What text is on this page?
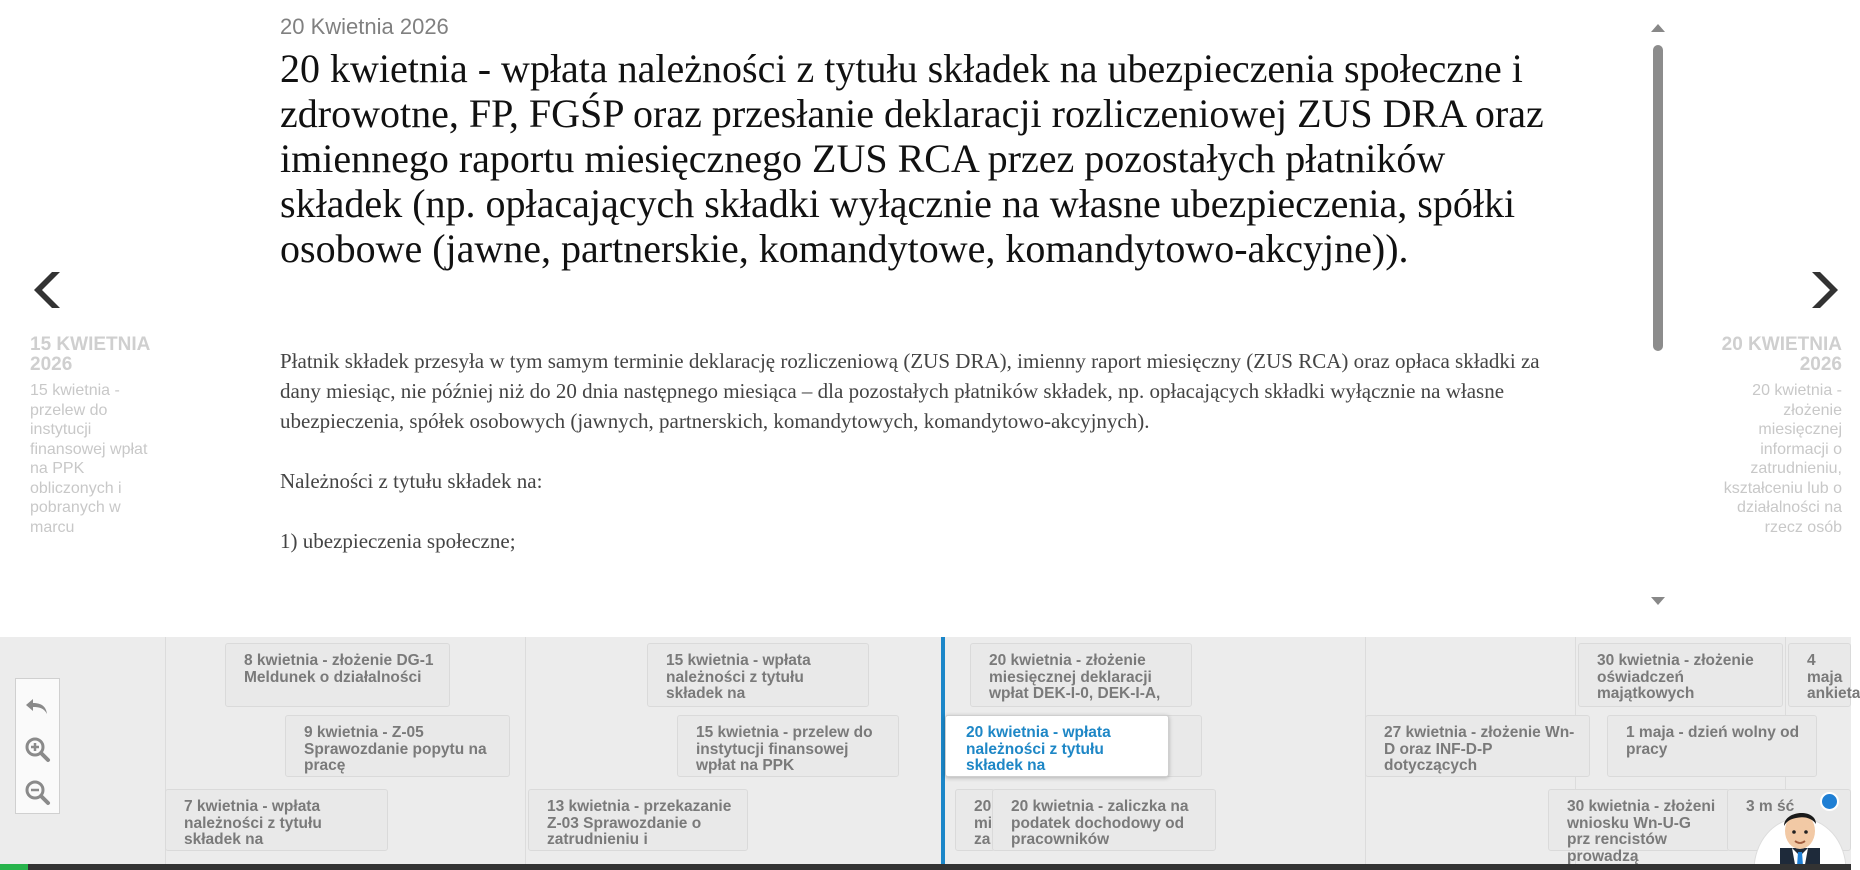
20 Kwietnia 2026
20 kwietnia - wpłata należności z tytułu składek na ubezpieczenia społeczne i zdrowotne, FP, FGŚP oraz przesłanie deklaracji rozliczeniowej ZUS DRA oraz imiennego raportu miesięcznego ZUS RCA przez pozostałych płatników składek (np. opłacających składki wyłącznie na własne ubezpieczenia, spółki osobowe (jawne, partnerskie, komandytowe, komandytowo-akcyjne)).

Płatnik składek przesyła w tym samym terminie deklarację rozliczeniową (ZUS DRA), imienny raport miesięczny (ZUS RCA) oraz opłaca składki za dany miesiąc, nie później niż do 20 dnia następnego miesiąca – dla pozostałych płatników składek, np. opłacających składki wyłącznie na własne ubezpieczenia, spółek osobowych (jawnych, partnerskich, komandytowych, komandytowo-akcyjnych).

Należności z tytułu składek na:

1) ubezpieczenia społeczne;

15 KWIETNIA 2026
15 kwietnia - przelew do instytucji finansowej wpłat na PPK obliczonych i pobranych w marcu
20 KWIETNIA 2026
20 kwietnia - złożenie miesięcznej informacji o zatrudnieniu, kształceniu lub o działalności na rzecz osób
8 kwietnia - złożenie DG-1 Meldunek o działalności
9 kwietnia - Z-05 Sprawozdanie popytu na pracę
7 kwietnia - wpłata należności z tytułu składek na
15 kwietnia - wpłata należności z tytułu składek na
15 kwietnia - przelew do instytucji finansowej wpłat na PPK
13 kwietnia - przekazanie Z-03 Sprawozdanie o zatrudnieniu i
20 kwietnia - złożenie miesięcznej deklaracji wpłat DEK-I-0, DEK-I-A,
20 kwietnia - wpłata należności z tytułu składek na
20 mi za
20 kwietnia - zaliczka na podatek dochodowy od pracowników
27 kwietnia - złożenie Wn-D oraz INF-D-P dotyczących
30 kwietnia - złożenie oświadczeń majątkowych
1 maja - dzień wolny od pracy
30 kwietnia - złożeni wniosku Wn-U-G prz rencistów prowadzą
4 maja ankieta
3 m ść
